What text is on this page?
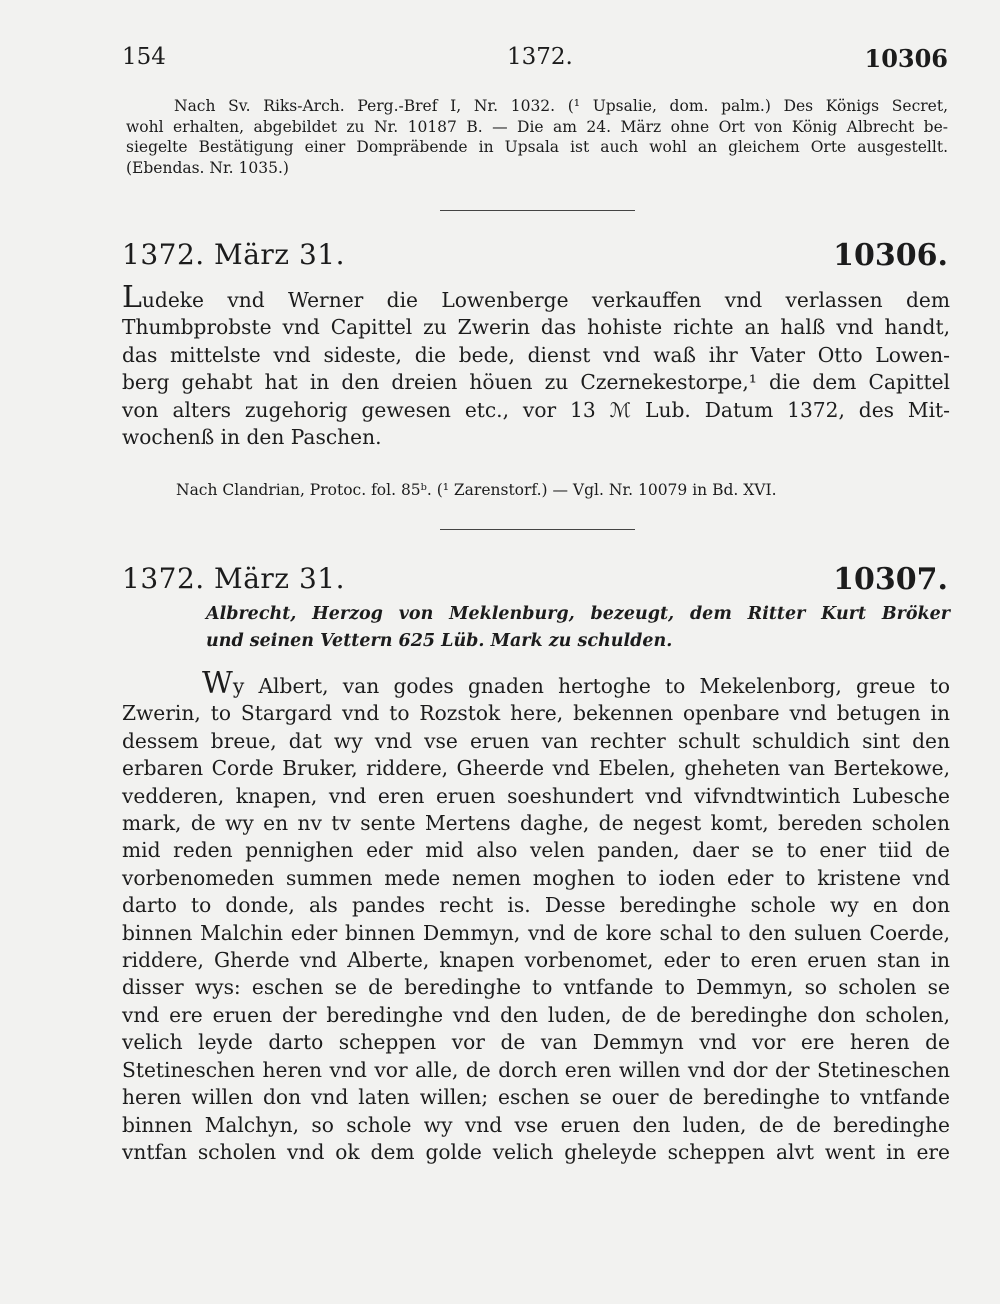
154	1372.	10306
Nach Sv. Riks-Arch. Perg.-Bref I, Nr. 1032. (¹ Upsalie, dom. palm.) Des Königs Secret,
wohl erhalten, abgebildet zu Nr. 10187 B. — Die am 24. März ohne Ort von König Albrecht be-
siegelte Bestätigung einer Dompräbende in Upsala ist auch wohl an gleichem Orte ausgestellt.
(Ebendas. Nr. 1035.)
1372. März 31.	10306.
Ludeke vnd Werner die Lowenberge verkauffen vnd verlassen dem
Thumbprobste vnd Capittel zu Zwerin das hohiste richte an halß vnd handt,
das mittelste vnd sideste, die bede, dienst vnd waß ihr Vater Otto Lowen-
berg gehabt hat in den dreien höuen zu Czernekestorpe,¹ die dem Capittel
von alters zugehorig gewesen etc., vor 13 ℳ Lub. Datum 1372, des Mit-
wochenß in den Paschen.
Nach Clandrian, Protoc. fol. 85ᵇ. (¹ Zarenstorf.) — Vgl. Nr. 10079 in Bd. XVI.
1372. März 31.	10307.
Albrecht, Herzog von Meklenburg, bezeugt, dem Ritter Kurt Bröker
und seinen Vettern 625 Lüb. Mark zu schulden.
Wy Albert, van godes gnaden hertoghe to Mekelenborg, greue to
Zwerin, to Stargard vnd to Rozstok here, bekennen openbare vnd betugen in
dessem breue, dat wy vnd vse eruen van rechter schult schuldich sint den
erbaren Corde Bruker, riddere, Gheerde vnd Ebelen, gheheten van Bertekowe,
vedderen, knapen, vnd eren eruen soeshundert vnd vifvndtwintich Lubesche
mark, de wy en nv tv sente Mertens daghe, de negest komt, bereden scholen
mid reden pennighen eder mid also velen panden, daer se to ener tiid de
vorbenomeden summen mede nemen moghen to ioden eder to kristene vnd
darto to donde, als pandes recht is. Desse beredinghe schole wy en don
binnen Malchin eder binnen Demmyn, vnd de kore schal to den suluen Coerde,
riddere, Gherde vnd Alberte, knapen vorbenomet, eder to eren eruen stan in
disser wys: eschen se de beredinghe to vntfande to Demmyn, so scholen se
vnd ere eruen der beredinghe vnd den luden, de de beredinghe don scholen,
velich leyde darto scheppen vor de van Demmyn vnd vor ere heren de
Stetineschen heren vnd vor alle, de dorch eren willen vnd dor der Stetineschen
heren willen don vnd laten willen; eschen se ouer de beredinghe to vntfande
binnen Malchyn, so schole wy vnd vse eruen den luden, de de beredinghe
vntfan scholen vnd ok dem golde velich gheleyde scheppen alvt went in ere
